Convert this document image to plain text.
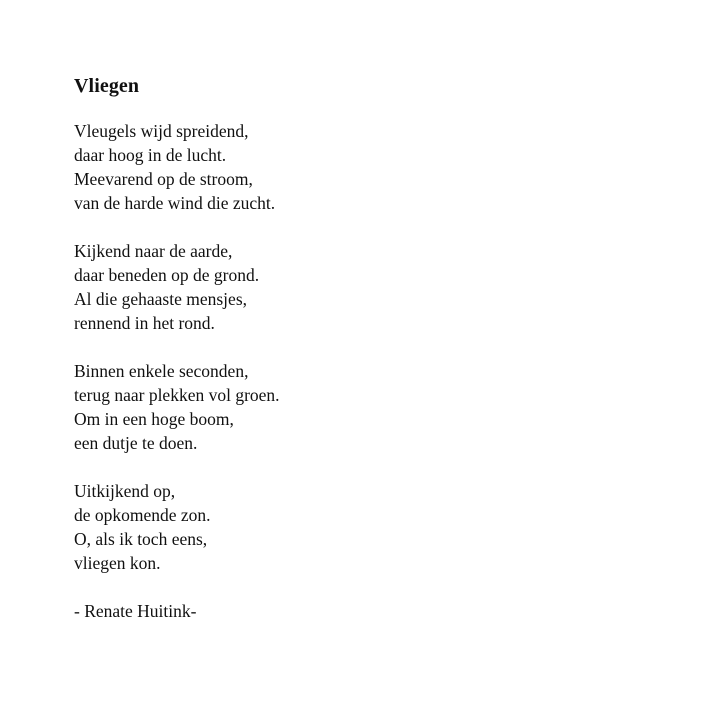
Vliegen
Vleugels wijd spreidend,
daar hoog in de lucht.
Meevarend op de stroom,
van de harde wind die zucht.
Kijkend naar de aarde,
daar beneden op de grond.
Al die gehaaste mensjes,
rennend in het rond.
Binnen enkele seconden,
terug naar plekken vol groen.
Om in een hoge boom,
een dutje te doen.
Uitkijkend op,
de opkomende zon.
O, als ik toch eens,
vliegen kon.
- Renate Huitink-
